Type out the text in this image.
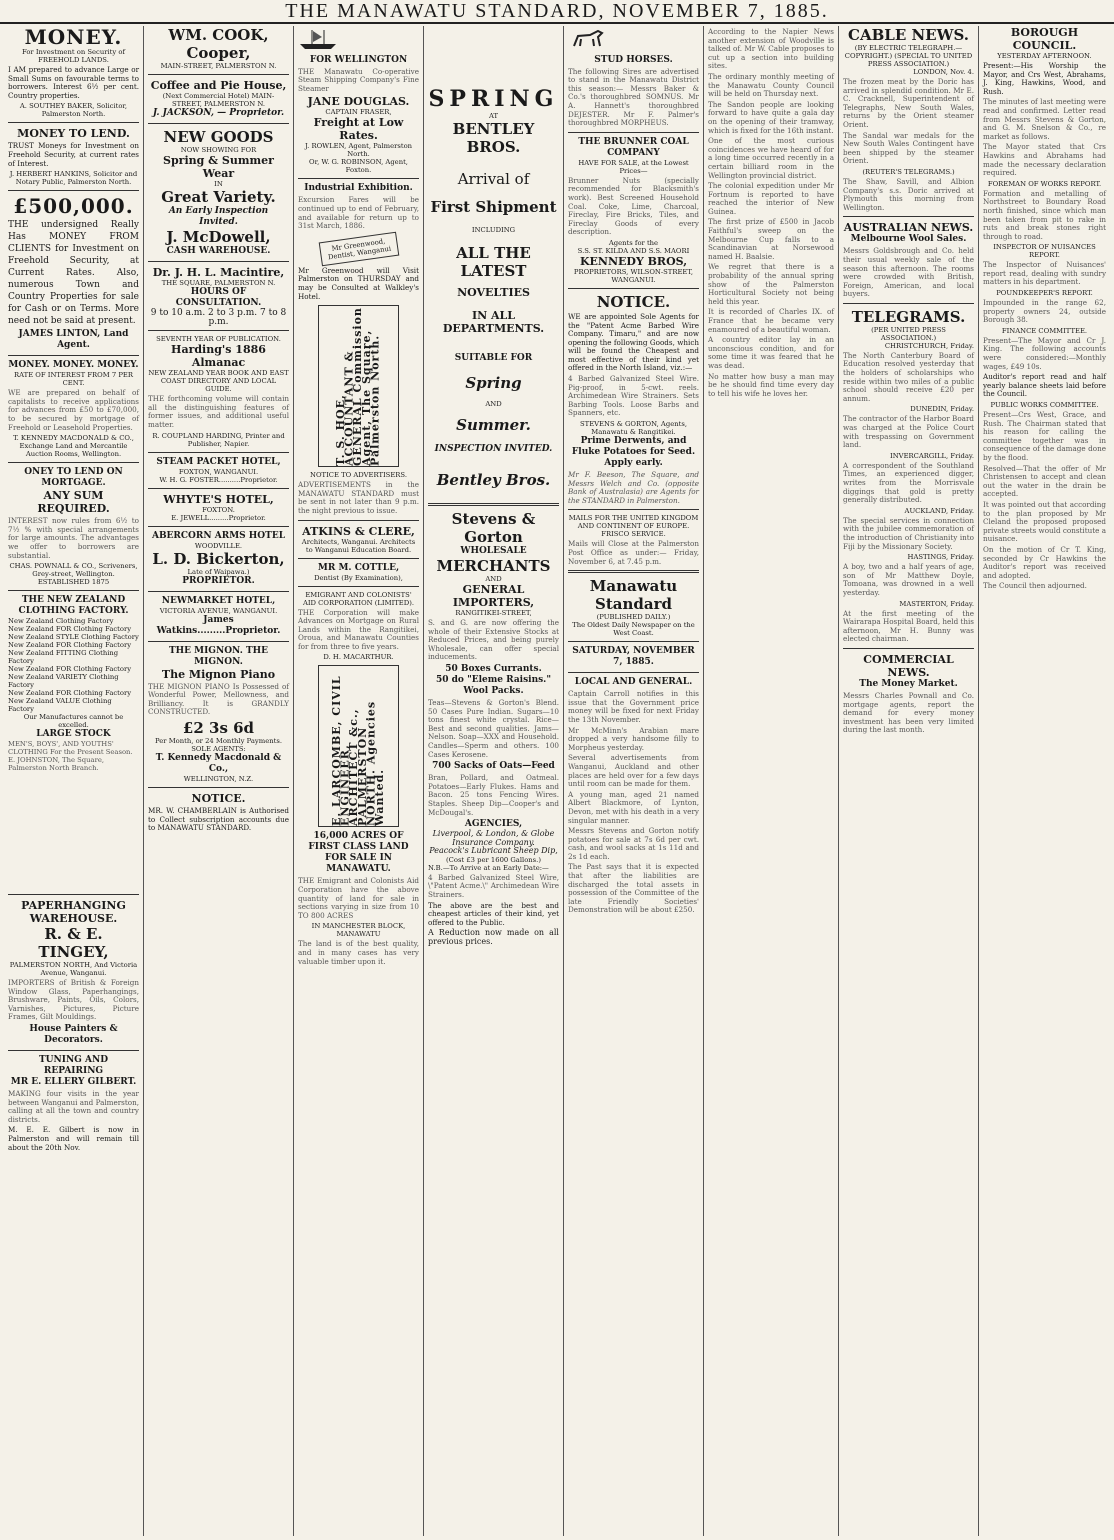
THE MANAWATU STANDARD, NOVEMBER 7, 1885.
MONEY.
For Investment on Security of FREEHOLD LANDS.

I AM prepared to advance Large or Small Sums on favourable terms to borrowers. Interest 6½ per cent. Country properties.

A. SOUTHEY BAKER, Solicitor, Palmerston North.
MONEY TO LEND.

TRUST Moneys for Investment on Freehold Security, at current rates of Interest.

J. HERBERT HANKINS, Solicitor and Notary Public, Palmerston North.
£500,000.

THE undersigned Really Has MONEY FROM CLIENTS for Investment on Freehold Security, at Current Rates. Also, numerous Town and Country Properties for sale for Cash or on Terms. More need not be said at present.

JAMES LINTON, Land Agent.
MONEY. MONEY. MONEY.
RATE OF INTEREST FROM 7 PER CENT.

WE are prepared on behalf of capitalists to receive applications for advances from £50 to £70,000, to be secured by mortgage of Freehold or Leasehold Properties.

T. KENNEDY MACDONALD & CO., Exchange Land and Mercantile Auction Rooms, Wellington.
ONEY TO LEND ON MORTGAGE.
ANY SUM REQUIRED.

INTEREST now rules from 6½ to 7½ % with special arrangements for large amounts. The advantages we offer to borrowers are substantial.

CHAS. POWNALL & CO., Scriveners, Grey-street, Wellington. ESTABLISHED 1875
THE NEW ZEALAND CLOTHING FACTORY.
New Zealand Clothing Factory
New Zealand FOR Clothing Factory
New Zealand STYLE Clothing Factory
New Zealand FOR Clothing Factory
New Zealand FITTING Clothing Factory
New Zealand FOR Clothing Factory
New Zealand VARIETY Clothing Factory
New Zealand FOR Clothing Factory
New Zealand VALUE Clothing Factory
Our Manufactures cannot be excelled.
LARGE STOCK
MEN'S, BOYS', AND YOUTHS' CLOTHING For the Present Season. E. JOHNSTON, The Square, Palmerston North Branch.
PAPERHANGING WAREHOUSE.
R. & E. TINGEY,
PALMERSTON NORTH, And Victoria Avenue, Wanganui.

IMPORTERS of British & Foreign Window Glass, Paperhangings, Brushware, Paints, Oils, Colors, Varnishes, Pictures, Picture Frames, Gilt Mouldings.

House Painters & Decorators.
TUNING AND REPAIRING
MR E. ELLERY GILBERT.

MAKING four visits in the year between Wanganui and Palmerston, calling at all the town and country districts.

M. E. E. Gilbert is now in Palmerston and will remain till about the 20th Nov.

WM. COOK,
Cooper,
MAIN-STREET, PALMERSTON N.
Coffee and Pie House,
(Next Commercial Hotel) MAIN-STREET, PALMERSTON N.
J. JACKSON, — Proprietor.
NEW GOODS
NOW SHOWING FOR
Spring & Summer Wear
IN
Great Variety.
An Early Inspection Invited.
J. McDowell,
CASH WAREHOUSE.
Dr. J. H. L. Macintire,
THE SQUARE, PALMERSTON N.
HOURS OF CONSULTATION.
9 to 10 a.m. 2 to 3 p.m. 7 to 8 p.m.
SEVENTH YEAR OF PUBLICATION.
Harding's 1886 Almanac
NEW ZEALAND YEAR BOOK AND EAST COAST DIRECTORY AND LOCAL GUIDE.

THE forthcoming volume will contain all the distinguishing features of former issues, and additional useful matter.

R. COUPLAND HARDING, Printer and Publisher, Napier.
STEAM PACKET HOTEL,
FOXTON, WANGANUI.
W. H. G. FOSTER..........Proprietor.
WHYTE'S HOTEL,
FOXTON.
E. JEWELL.........Proprietor.
ABERCORN ARMS HOTEL
WOODVILLE.
L. D. Bickerton,
Late of Waipawa.)
PROPRIETOR.
NEWMARKET HOTEL,
VICTORIA AVENUE, WANGANUI.
James Watkins.........Proprietor.
THE MIGNON. THE MIGNON.
The Mignon Piano

THE MIGNON PIANO Is Possessed of Wonderful Power, Mellowness, and Brilliancy. It is GRANDLY CONSTRUCTED.

£2 3s 6d
Per Month, or 24 Monthly Payments.
SOLE AGENTS:
T. Kennedy Macdonald & Co.,
WELLINGTON, N.Z.
NOTICE.

MR. W. CHAMBERLAIN is Authorised to Collect subscription accounts due to MANAWATU STANDARD.

FOR WELLINGTON

THE Manawatu Co-operative Steam Shipping Company's Fine Steamer

JANE DOUGLAS.
CAPTAIN FRASER,
Freight at Low Rates.
J. ROWLEN, Agent, Palmerston North.
Or, W. G. ROBINSON, Agent, Foxton.
Industrial Exhibition.

Excursion Fares will be continued up to end of February, and available for return up to 31st March, 1886.

Mr Greenwood, Dentist, Wanganui

Mr Greenwood will Visit Palmerston on THURSDAY and may be Consulted at Walkley's Hotel.

T. S. HOE, ACCOUNTANT & GENERAL Commission Agent, The Square, Palmerston North.
NOTICE TO ADVERTISERS.

ADVERTISEMENTS in the MANAWATU STANDARD must be sent in not later than 9 p.m. the night previous to issue.

ATKINS & CLERE,
Architects, Wanganui. Architects to Wanganui Education Board.
MR M. COTTLE,
Dentist (By Examination),
EMIGRANT AND COLONISTS' AID CORPORATION (LIMITED).

THE Corporation will make Advances on Mortgage on Rural Lands within the Rangitikei, Oroua, and Manawatu Counties for from three to five years.

D. H. MACARTHUR.
E. LARCOMBE, CIVIL ENGINEER, ARCHITECT &c., PALMERSTON NORTH. Agencies Wanted.
16,000 ACRES OF FIRST CLASS LAND FOR SALE IN MANAWATU.

THE Emigrant and Colonists Aid Corporation have the above quantity of land for sale in sections varying in size from 10 TO 800 ACRES

IN MANCHESTER BLOCK, MANAWATU

The land is of the best quality, and in many cases has very valuable timber upon it.

SPRING
AT
BENTLEY BROS.
Arrival of
First Shipment
INCLUDING
ALL THE LATEST
NOVELTIES
IN ALL DEPARTMENTS.
SUITABLE FOR
Spring
AND
Summer.
INSPECTION INVITED.
Bentley Bros.
Stevens & Gorton
WHOLESALE
MERCHANTS
AND
GENERAL IMPORTERS,
RANGITIKEI-STREET,

S. and G. are now offering the whole of their Extensive Stocks at Reduced Prices, and being purely Wholesale, can offer special inducements.

50 Boxes Currants.
50 do "Eleme Raisins."
Wool Packs.

Teas—Stevens & Gorton's Blend. 50 Cases Pure Indian. Sugars—10 tons finest white crystal. Rice—Best and second qualities. Jams—Nelson. Soap—XXX and Household. Candles—Sperm and others. 100 Cases Kerosene.

700 Sacks of Oats—Feed

Bran, Pollard, and Oatmeal. Potatoes—Early Flukes. Hams and Bacon. 25 tons Fencing Wires. Staples. Sheep Dip—Cooper's and McDougal's.

AGENCIES,
Liverpool, & London, & Globe Insurance Company.
Peacock's Lubricant Sheep Dip,
(Cost £3 per 1600 Gallons.)
N.B.—To Arrive at an Early Date:—

4 Barbed Galvanized Steel Wire, \"Patent Acme.\" Archimedean Wire Strainers.

The above are the best and cheapest articles of their kind, yet offered to the Public.

A Reduction now made on all previous prices.

STUD HORSES.

The following Sires are advertised to stand in the Manawatu District this season:— Messrs Baker & Co.'s thoroughbred SOMNUS. Mr A. Hannett's thoroughbred DEJESTER. Mr F. Palmer's thoroughbred MORPHEUS.

THE BRUNNER COAL COMPANY
HAVE FOR SALE, at the Lowest Prices—

Brunner Nuts (specially recommended for Blacksmith's work). Best Screened Household Coal. Coke, Lime, Charcoal, Fireclay, Fire Bricks, Tiles, and Fireclay Goods of every description.

Agents for the
S.S. ST. KILDA AND S.S. MAORI
KENNEDY BROS,
PROPRIETORS, WILSON-STREET, WANGANUI.
NOTICE.

WE are appointed Sole Agents for the "Patent Acme Barbed Wire Company. Timaru," and are now opening the following Goods, which will be found the Cheapest and most effective of their kind yet offered in the North Island, viz.:—

4 Barbed Galvanized Steel Wire. Pig-proof, in 5-cwt. reels. Archimedean Wire Strainers. Sets Barbing Tools. Loose Barbs and Spanners, etc.

STEVENS & GORTON, Agents, Manawatu & Rangitikei.
Prime Derwents, and Fluke Potatoes for Seed. Apply early.

Mr F. Beeson, The Square, and Messrs Welch and Co. (opposite Bank of Australasia) are Agents for the STANDARD in Palmerston.

MAILS FOR THE UNITED KINGDOM AND CONTINENT OF EUROPE.
FRISCO SERVICE.

Mails will Close at the Palmerston Post Office as under:— Friday, November 6, at 7.45 p.m.

Manawatu Standard
(PUBLISHED DAILY.)
The Oldest Daily Newspaper on the West Coast.
SATURDAY, NOVEMBER 7, 1885.
LOCAL AND GENERAL.

Captain Carroll notifies in this issue that the Government price money will be fixed for next Friday the 13th November.

Mr McMinn's Arabian mare dropped a very handsome filly to Morpheus yesterday.

Several advertisements from Wanganui, Auckland and other places are held over for a few days until room can be made for them.

A young man, aged 21 named Albert Blackmore, of Lynton, Devon, met with his death in a very singular manner.

Messrs Stevens and Gorton notify potatoes for sale at 7s 6d per cwt. cash, and wool sacks at 1s 11d and 2s 1d each.

The Past says that it is expected that after the liabilities are discharged the total assets in possession of the Committee of the late Friendly Societies' Demonstration will be about £250.

According to the Napier News another extension of Woodville is talked of. Mr W. Cable proposes to cut up a section into building sites.

The ordinary monthly meeting of the Manawatu County Council will be held on Thursday next.

The Sandon people are looking forward to have quite a gala day on the opening of their tramway, which is fixed for the 16th instant.

One of the most curious coincidences we have heard of for a long time occurred recently in a certain billiard room in the Wellington provincial district.

The colonial expedition under Mr Fortnum is reported to have reached the interior of New Guinea.

The first prize of £500 in Jacob Faithful's sweep on the Melbourne Cup falls to a Scandinavian at Norsewood named H. Baalsie.

We regret that there is a probability of the annual spring show of the Palmerston Horticultural Society not being held this year.

It is recorded of Charles IX. of France that he became very enamoured of a beautiful woman.

A country editor lay in an unconscious condition, and for some time it was feared that he was dead.

No matter how busy a man may be he should find time every day to tell his wife he loves her.

CABLE NEWS.
(BY ELECTRIC TELEGRAPH.—COPYRIGHT.) (SPECIAL TO UNITED PRESS ASSOCIATION.)
LONDON, Nov. 4.

The frozen meat by the Doric has arrived in splendid condition. Mr E. C. Cracknell, Superintendent of Telegraphs, New South Wales, returns by the Orient steamer Orient.

The Sandal war medals for the New South Wales Contingent have been shipped by the steamer Orient.

(REUTER'S TELEGRAMS.)

The Shaw, Savill, and Albion Company's s.s. Doric arrived at Plymouth this morning from Wellington.

AUSTRALIAN NEWS.
Melbourne Wool Sales.

Messrs Goldsbrough and Co. held their usual weekly sale of the season this afternoon. The rooms were crowded with British, Foreign, American, and local buyers.

TELEGRAMS.
(PER UNITED PRESS ASSOCIATION.)
CHRISTCHURCH, Friday.

The North Canterbury Board of Education resolved yesterday that the holders of scholarships who reside within two miles of a public school should receive £20 per annum.

DUNEDIN, Friday.

The contractor of the Harbor Board was charged at the Police Court with trespassing on Government land.

INVERCARGILL, Friday.

A correspondent of the Southland Times, an experienced digger, writes from the Morrisvale diggings that gold is pretty generally distributed.

AUCKLAND, Friday.

The special services in connection with the jubilee commemoration of the introduction of Christianity into Fiji by the Missionary Society.

HASTINGS, Friday.

A boy, two and a half years of age, son of Mr Matthew Doyle, Tomoana, was drowned in a well yesterday.

MASTERTON, Friday.

At the first meeting of the Wairarapa Hospital Board, held this afternoon, Mr H. Bunny was elected chairman.

COMMERCIAL NEWS.
The Money Market.

Messrs Charles Pownall and Co. mortgage agents, report the demand for every money investment has been very limited during the last month.

BOROUGH COUNCIL.
YESTERDAY AFTERNOON.

Present:—His Worship the Mayor, and Crs West, Abrahams, J. King, Hawkins, Wood, and Rush.

The minutes of last meeting were read and confirmed. Letter read from Messrs Stevens & Gorton, and G. M. Snelson & Co., re market as follows.

The Mayor stated that Crs Hawkins and Abrahams had made the necessary declaration required.

FOREMAN OF WORKS REPORT.

Formation and metalling of Northstreet to Boundary Road north finished, since which man been taken from pit to rake in ruts and break stones right through to road.

INSPECTOR OF NUISANCES REPORT.

The Inspector of Nuisances' report read, dealing with sundry matters in his department.

POUNDKEEPER'S REPORT.

Impounded in the range 62, property owners 24, outside Borough 38.

FINANCE COMMITTEE.

Present—The Mayor and Cr J. King. The following accounts were considered:—Monthly wages, £49 10s.

Auditor's report read and half yearly balance sheets laid before the Council.

PUBLIC WORKS COMMITTEE.

Present—Crs West, Grace, and Rush. The Chairman stated that his reason for calling the committee together was in consequence of the damage done by the flood.

Resolved—That the offer of Mr Christensen to accept and clean out the water in the drain be accepted.

It was pointed out that according to the plan proposed by Mr Cleland the proposed proposed private streets would constitute a nuisance.

On the motion of Cr T. King, seconded by Cr Hawkins the Auditor's report was received and adopted.

The Council then adjourned.
